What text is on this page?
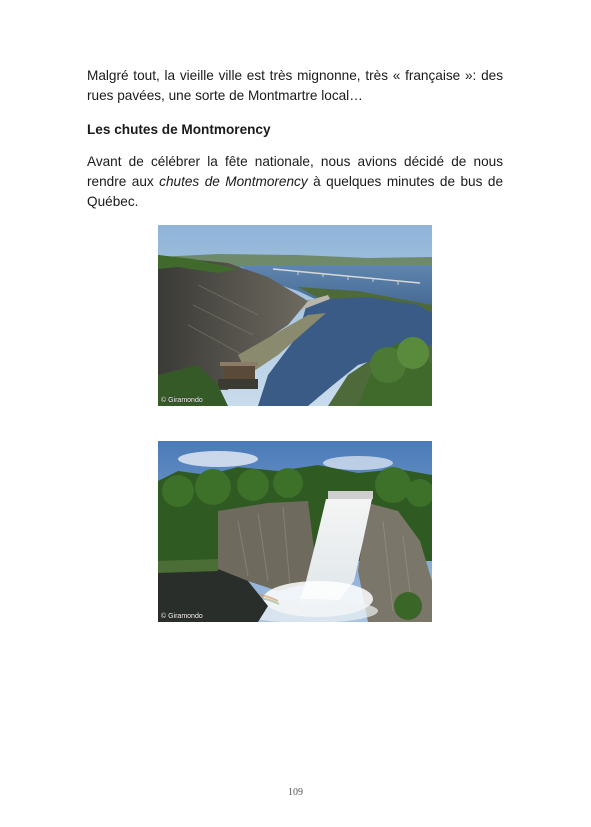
Malgré tout, la vieille ville est très mignonne, très « française »: des rues pavées, une sorte de Montmartre local…

Les chutes de Montmorency

Avant de célébrer la fête nationale, nous avions décidé de nous rendre aux chutes de Montmorency à quelques minutes de bus de Québec.

© Giramondo
© Giramondo
109
